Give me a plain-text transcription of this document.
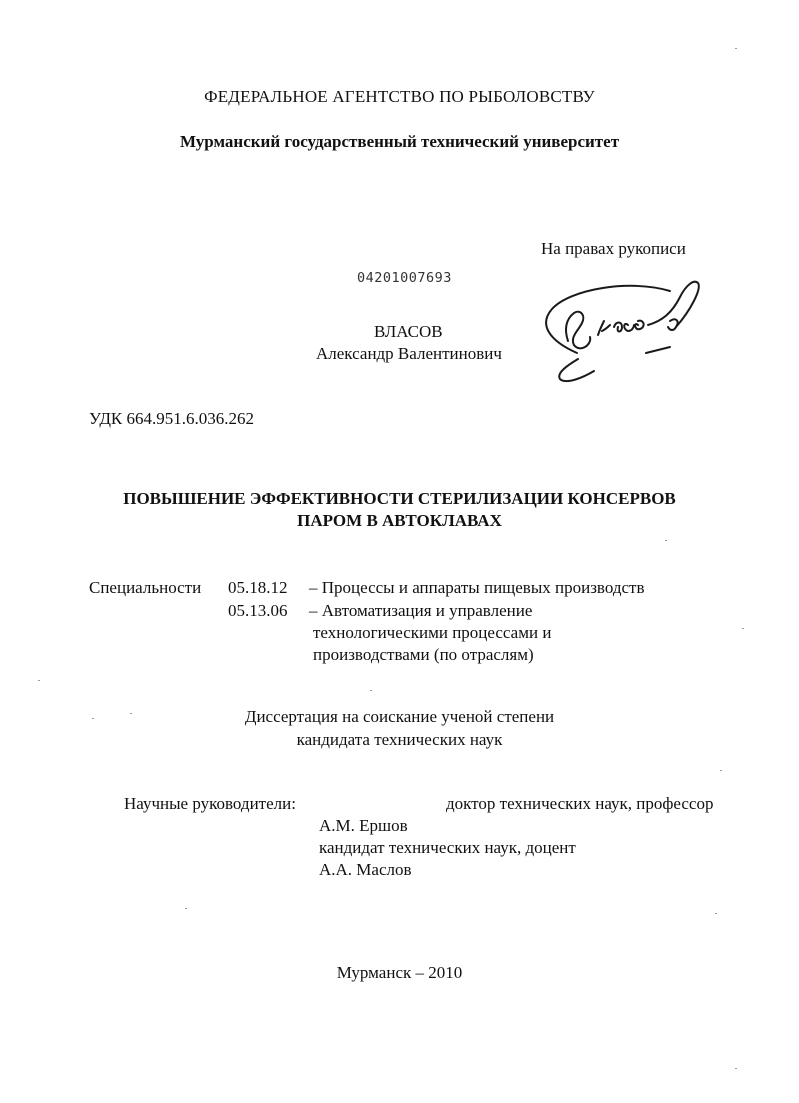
ФЕДЕРАЛЬНОЕ АГЕНТСТВО ПО РЫБОЛОВСТВУ
Мурманский государственный технический университет
На правах рукописи
04201007693
ВЛАСОВ
Александр Валентинович
УДК 664.951.6.036.262
ПОВЫШЕНИЕ ЭФФЕКТИВНОСТИ СТЕРИЛИЗАЦИИ КОНСЕРВОВ
ПАРОМ В АВТОКЛАВАХ
Специальности 05.18.12 – Процессы и аппараты пищевых производств
05.13.06 – Автоматизация и управление
технологическими процессами и
производствами (по отраслям)
Диссертация на соискание ученой степени
кандидата технических наук
Научные руководители:	доктор технических наук, профессор
А.М. Ершов
кандидат технических наук, доцент
А.А. Маслов
Мурманск – 2010
